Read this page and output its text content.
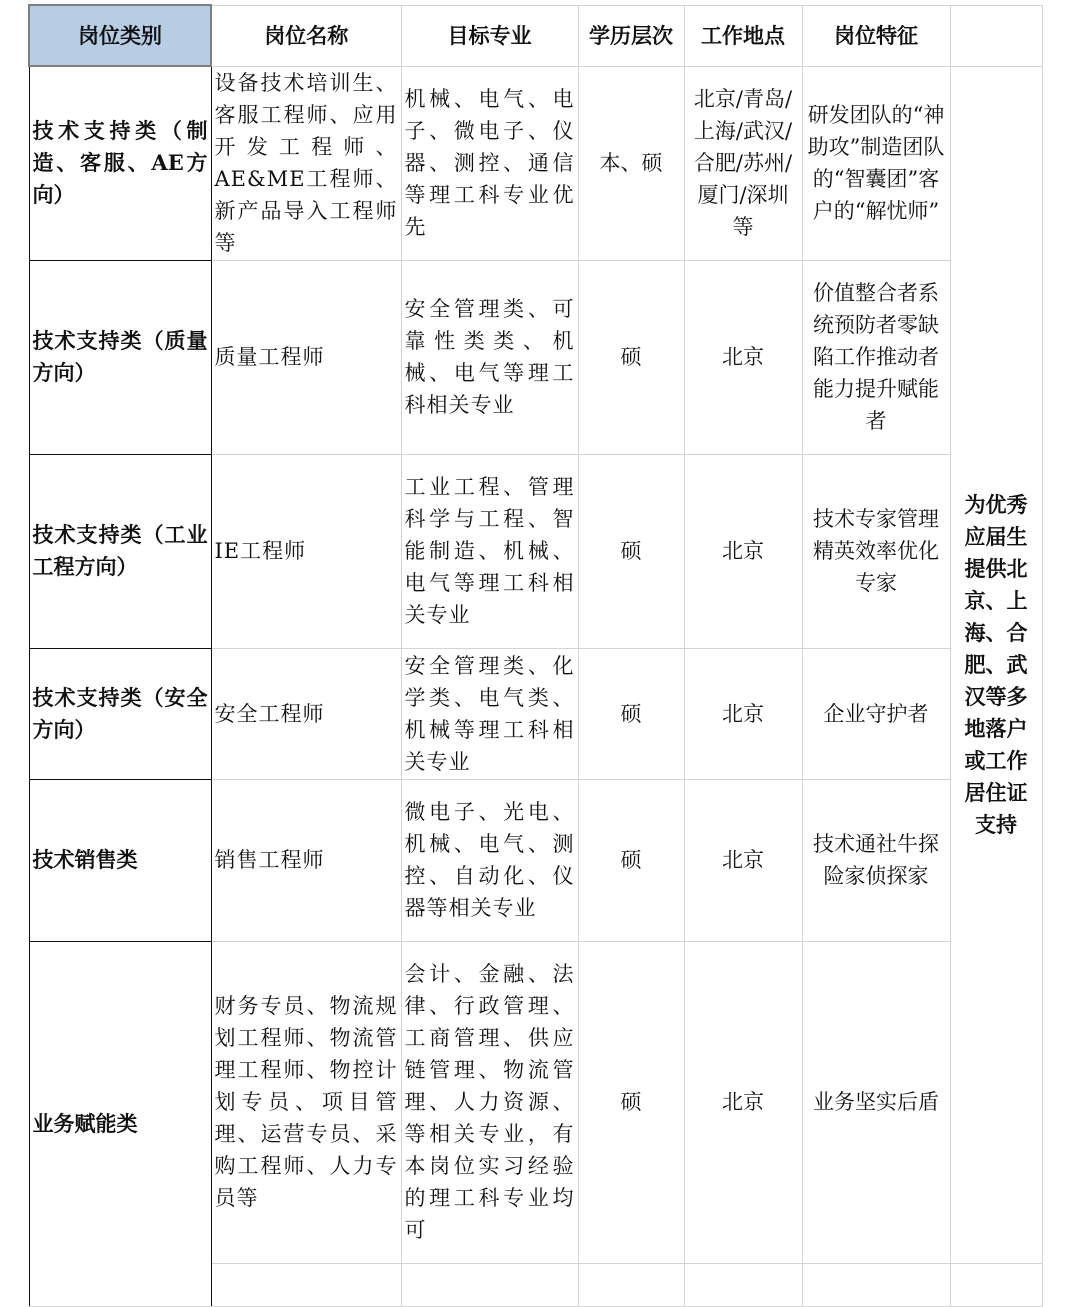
岗位类别	岗位名称	目标专业	学历层次	工作地点	岗位特征	
技术支持类（制造、客服、AE方向）	设备技术培训生、客服工程师、应用开发工程师、AE&ME工程师、新产品导入工程师等	机械、电气、电子、微电子、仪器、测控、通信等理工科专业优先	本、硕	北京/青岛/上海/武汉/合肥/苏州/厦门/深圳等	研发团队的“神助攻”制造团队的“智囊团”客户的“解忧师”	为优秀应届生提供北京、上海、合肥、武汉等多地落户或工作居住证支持
技术支持类（质量方向）	质量工程师	安全管理类、可靠性类类、机械、电气等理工科相关专业	硕	北京	价值整合者系统预防者零缺陷工作推动者能力提升赋能者	
技术支持类（工业工程方向）	IE工程师	工业工程、管理科学与工程、智能制造、机械、电气等理工科相关专业	硕	北京	技术专家管理精英效率优化专家	
技术支持类（安全方向）	安全工程师	安全管理类、化学类、电气类、机械等理工科相关专业	硕	北京	企业守护者	
技术销售类	销售工程师	微电子、光电、机械、电气、测控、自动化、仪器等相关专业	硕	北京	技术通社牛探险家侦探家	
业务赋能类	财务专员、物流规划工程师、物流管理工程师、物控计划专员、项目管理、运营专员、采购工程师、人力专员等	会计、金融、法律、行政管理、工商管理、供应链管理、物流管理、人力资源、等相关专业，有本岗位实习经验的理工科专业均可	硕	北京	业务坚实后盾	
